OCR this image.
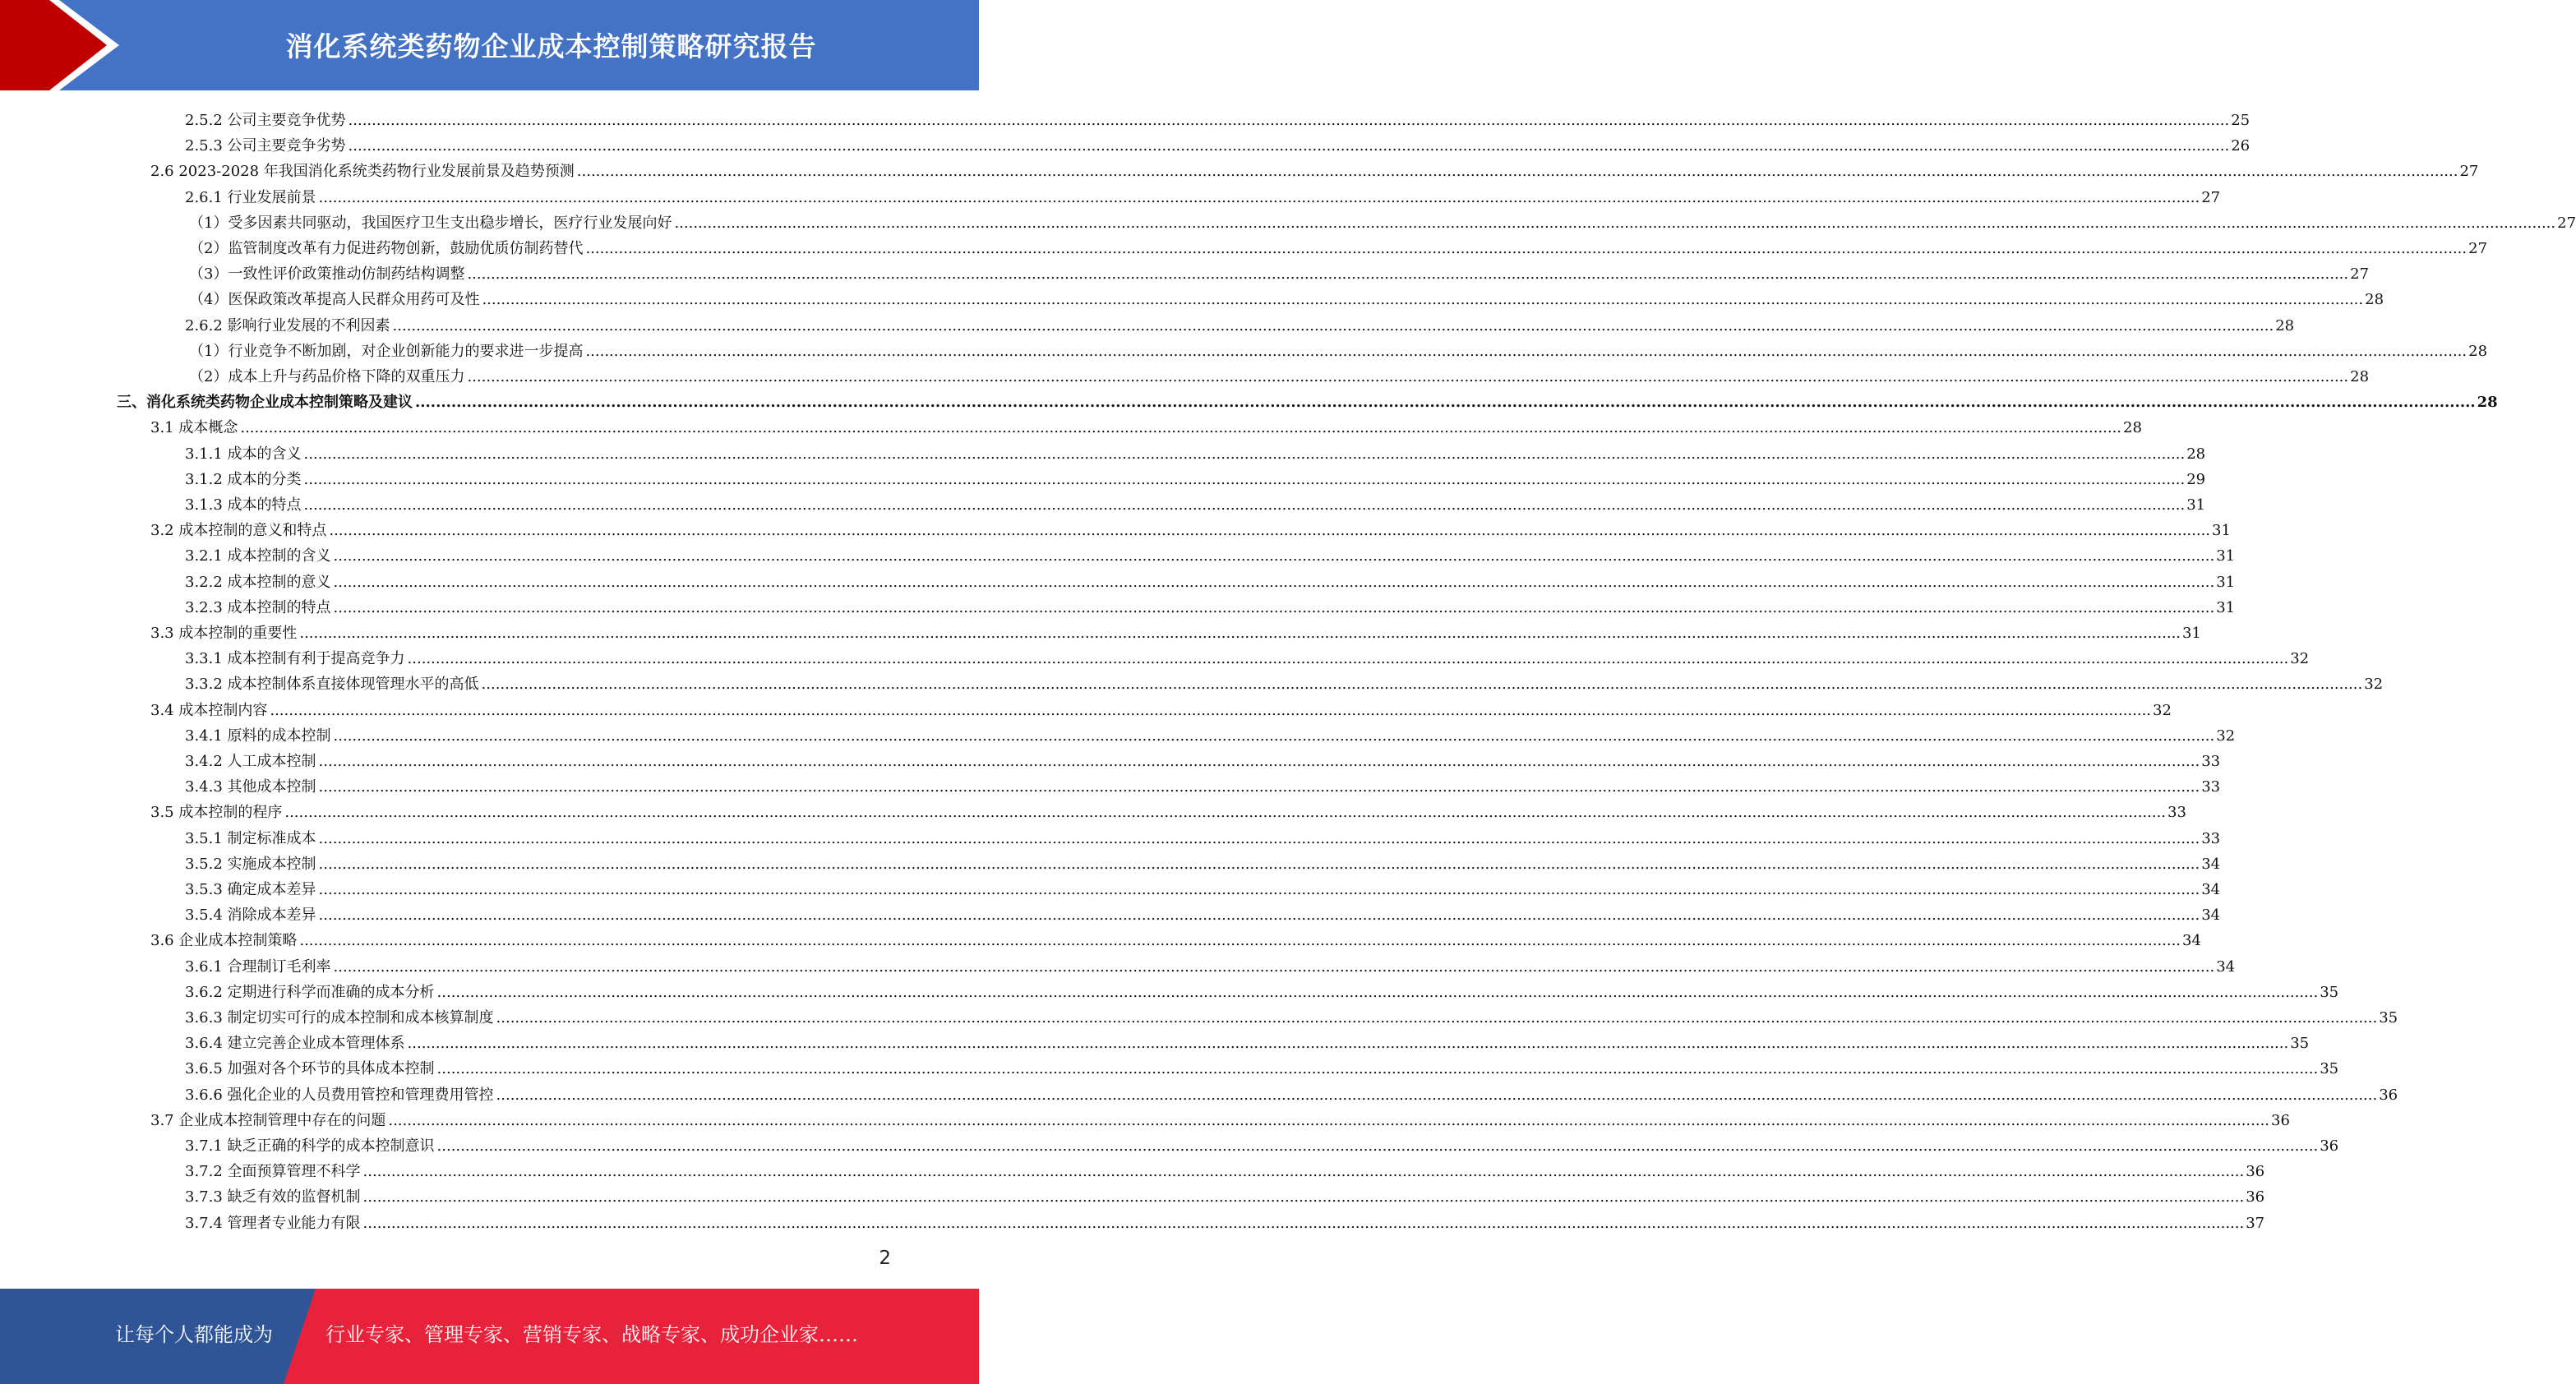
消化系统类药物企业成本控制策略研究报告
2.5.2 公司主要竞争优势 ................................................................................................................................................................................................................................................................................................................................................................................................................ 25
2.5.3 公司主要竞争劣势 ................................................................................................................................................................................................................................................................................................................................................................................................................ 26
2.6 2023-2028 年我国消化系统类药物行业发展前景及趋势预测 ................................................................................................................................................................................................................................................................................................................................................................................................................ 27
2.6.1 行业发展前景 ................................................................................................................................................................................................................................................................................................................................................................................................................ 27
（1）受多因素共同驱动，我国医疗卫生支出稳步增长，医疗行业发展向好 ................................................................................................................................................................................................................................................................................................................................................................................................................ 27
（2）监管制度改革有力促进药物创新，鼓励优质仿制药替代 ................................................................................................................................................................................................................................................................................................................................................................................................................ 27
（3）一致性评价政策推动仿制药结构调整 ................................................................................................................................................................................................................................................................................................................................................................................................................ 27
（4）医保政策改革提高人民群众用药可及性 ................................................................................................................................................................................................................................................................................................................................................................................................................ 28
2.6.2 影响行业发展的不利因素 ................................................................................................................................................................................................................................................................................................................................................................................................................ 28
（1）行业竞争不断加剧，对企业创新能力的要求进一步提高 ................................................................................................................................................................................................................................................................................................................................................................................................................ 28
（2）成本上升与药品价格下降的双重压力 ................................................................................................................................................................................................................................................................................................................................................................................................................ 28
三、消化系统类药物企业成本控制策略及建议 ................................................................................................................................................................................................................................................................................................................................................................................................................ 28
3.1 成本概念 ................................................................................................................................................................................................................................................................................................................................................................................................................ 28
3.1.1 成本的含义 ................................................................................................................................................................................................................................................................................................................................................................................................................ 28
3.1.2 成本的分类 ................................................................................................................................................................................................................................................................................................................................................................................................................ 29
3.1.3 成本的特点 ................................................................................................................................................................................................................................................................................................................................................................................................................ 31
3.2 成本控制的意义和特点 ................................................................................................................................................................................................................................................................................................................................................................................................................ 31
3.2.1 成本控制的含义 ................................................................................................................................................................................................................................................................................................................................................................................................................ 31
3.2.2 成本控制的意义 ................................................................................................................................................................................................................................................................................................................................................................................................................ 31
3.2.3 成本控制的特点 ................................................................................................................................................................................................................................................................................................................................................................................................................ 31
3.3 成本控制的重要性 ................................................................................................................................................................................................................................................................................................................................................................................................................ 31
3.3.1 成本控制有利于提高竞争力 ................................................................................................................................................................................................................................................................................................................................................................................................................ 32
3.3.2 成本控制体系直接体现管理水平的高低 ................................................................................................................................................................................................................................................................................................................................................................................................................ 32
3.4 成本控制内容 ................................................................................................................................................................................................................................................................................................................................................................................................................ 32
3.4.1 原料的成本控制 ................................................................................................................................................................................................................................................................................................................................................................................................................ 32
3.4.2 人工成本控制 ................................................................................................................................................................................................................................................................................................................................................................................................................ 33
3.4.3 其他成本控制 ................................................................................................................................................................................................................................................................................................................................................................................................................ 33
3.5 成本控制的程序 ................................................................................................................................................................................................................................................................................................................................................................................................................ 33
3.5.1 制定标准成本 ................................................................................................................................................................................................................................................................................................................................................................................................................ 33
3.5.2 实施成本控制 ................................................................................................................................................................................................................................................................................................................................................................................................................ 34
3.5.3 确定成本差异 ................................................................................................................................................................................................................................................................................................................................................................................................................ 34
3.5.4 消除成本差异 ................................................................................................................................................................................................................................................................................................................................................................................................................ 34
3.6 企业成本控制策略 ................................................................................................................................................................................................................................................................................................................................................................................................................ 34
3.6.1 合理制订毛利率 ................................................................................................................................................................................................................................................................................................................................................................................................................ 34
3.6.2 定期进行科学而准确的成本分析 ................................................................................................................................................................................................................................................................................................................................................................................................................ 35
3.6.3 制定切实可行的成本控制和成本核算制度 ................................................................................................................................................................................................................................................................................................................................................................................................................ 35
3.6.4 建立完善企业成本管理体系 ................................................................................................................................................................................................................................................................................................................................................................................................................ 35
3.6.5 加强对各个环节的具体成本控制 ................................................................................................................................................................................................................................................................................................................................................................................................................ 35
3.6.6 强化企业的人员费用管控和管理费用管控 ................................................................................................................................................................................................................................................................................................................................................................................................................ 36
3.7 企业成本控制管理中存在的问题 ................................................................................................................................................................................................................................................................................................................................................................................................................ 36
3.7.1 缺乏正确的科学的成本控制意识 ................................................................................................................................................................................................................................................................................................................................................................................................................ 36
3.7.2 全面预算管理不科学 ................................................................................................................................................................................................................................................................................................................................................................................................................ 36
3.7.3 缺乏有效的监督机制 ................................................................................................................................................................................................................................................................................................................................................................................................................ 36
3.7.4 管理者专业能力有限 ................................................................................................................................................................................................................................................................................................................................................................................................................ 37
2
让每个人都能成为	行业专家、管理专家、营销专家、战略专家、成功企业家……
